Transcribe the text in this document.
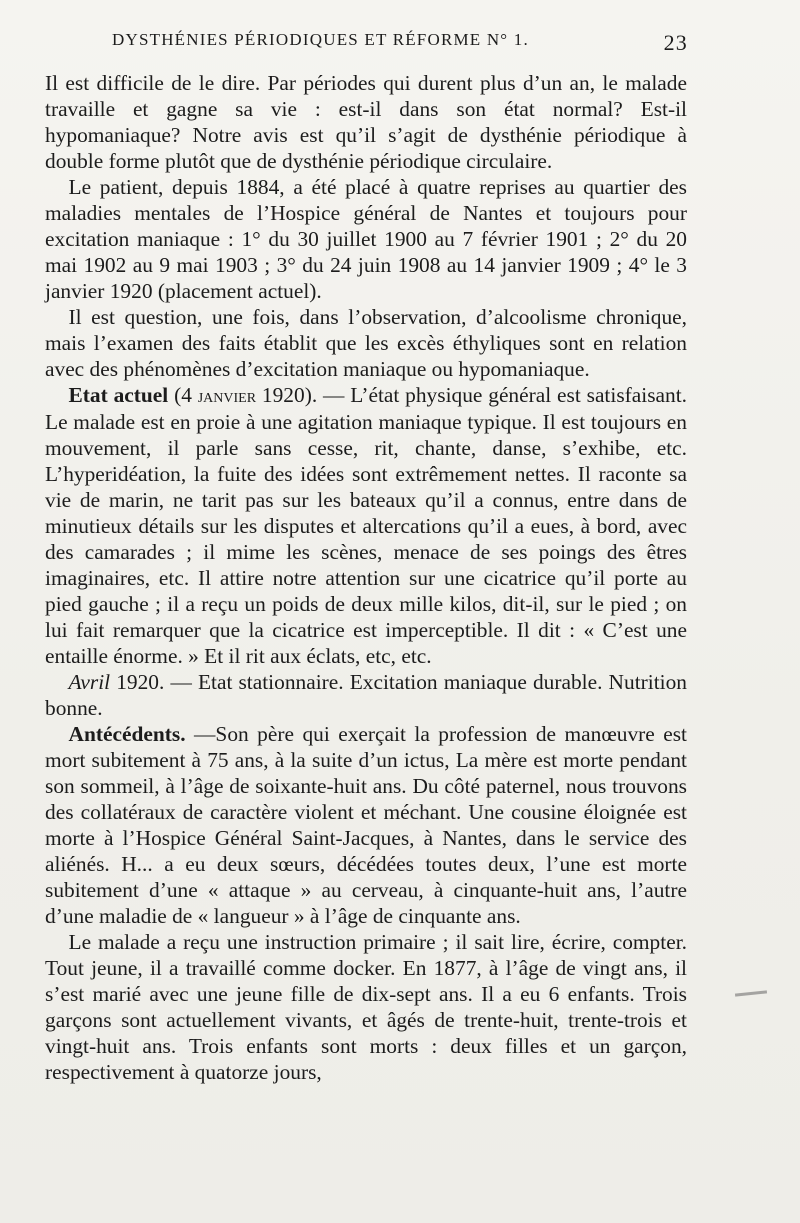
DYSTHÉNIES PÉRIODIQUES ET RÉFORME N° 1.	23

Il est difficile de le dire. Par périodes qui durent plus d’un an, le malade travaille et gagne sa vie : est-il dans son état normal? Est-il hypomaniaque? Notre avis est qu’il s’agit de dysthénie périodique à double forme plutôt que de dysthénie périodique circulaire.

Le patient, depuis 1884, a été placé à quatre reprises au quartier des maladies mentales de l’Hospice général de Nantes et toujours pour excitation maniaque : 1° du 30 juillet 1900 au 7 février 1901 ; 2° du 20 mai 1902 au 9 mai 1903 ; 3° du 24 juin 1908 au 14 janvier 1909 ; 4° le 3 janvier 1920 (placement actuel).

Il est question, une fois, dans l’observation, d’alcoolisme chronique, mais l’examen des faits établit que les excès éthyliques sont en relation avec des phénomènes d’excitation maniaque ou hypomaniaque.

Etat actuel (4 janvier 1920). — L’état physique général est satisfaisant. Le malade est en proie à une agitation maniaque typique. Il est toujours en mouvement, il parle sans cesse, rit, chante, danse, s’exhibe, etc. L’hyperidéation, la fuite des idées sont extrêmement nettes. Il raconte sa vie de marin, ne tarit pas sur les bateaux qu’il a connus, entre dans de minutieux détails sur les disputes et altercations qu’il a eues, à bord, avec des camarades ; il mime les scènes, menace de ses poings des êtres imaginaires, etc. Il attire notre attention sur une cicatrice qu’il porte au pied gauche ; il a reçu un poids de deux mille kilos, dit-il, sur le pied ; on lui fait remarquer que la cicatrice est imperceptible. Il dit : « C’est une entaille énorme. » Et il rit aux éclats, etc, etc.

Avril 1920. — Etat stationnaire. Excitation maniaque durable. Nutrition bonne.

Antécédents. —Son père qui exerçait la profession de manœuvre est mort subitement à 75 ans, à la suite d’un ictus, La mère est morte pendant son sommeil, à l’âge de soixante-huit ans. Du côté paternel, nous trouvons des collatéraux de caractère violent et méchant. Une cousine éloignée est morte à l’Hospice Général Saint-Jacques, à Nantes, dans le service des aliénés. H... a eu deux sœurs, décédées toutes deux, l’une est morte subitement d’une « attaque » au cerveau, à cinquante-huit ans, l’autre d’une maladie de « langueur » à l’âge de cinquante ans.

Le malade a reçu une instruction primaire ; il sait lire, écrire, compter. Tout jeune, il a travaillé comme docker. En 1877, à l’âge de vingt ans, il s’est marié avec une jeune fille de dix-sept ans. Il a eu 6 enfants. Trois garçons sont actuellement vivants, et âgés de trente-huit, trente-trois et vingt-huit ans. Trois enfants sont morts : deux filles et un garçon, respectivement à quatorze jours,
